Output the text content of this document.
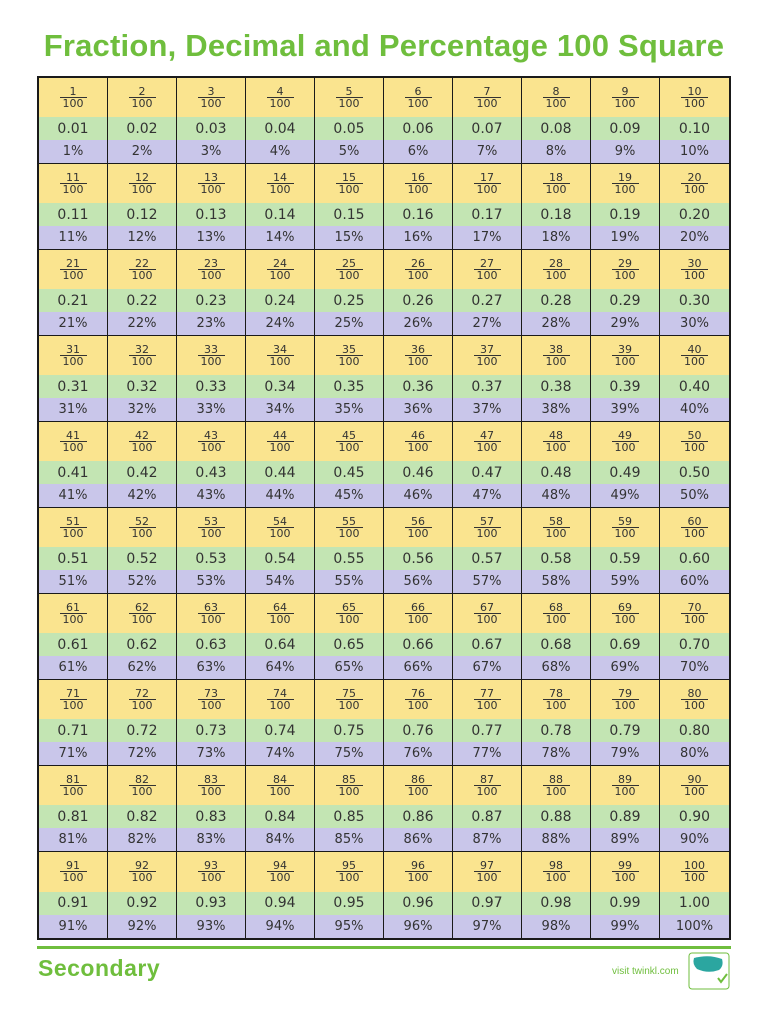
Fraction, Decimal and Percentage 100 Square
$\frac{1}{100}$
0.01
1%
$\frac{2}{100}$
0.02
2%
$\frac{3}{100}$
0.03
3%
$\frac{4}{100}$
0.04
4%
$\frac{5}{100}$
0.05
5%
$\frac{6}{100}$
0.06
6%
$\frac{7}{100}$
0.07
7%
$\frac{8}{100}$
0.08
8%
$\frac{9}{100}$
0.09
9%
$\frac{10}{100}$
0.10
10%
$\frac{11}{100}$
0.11
11%
$\frac{12}{100}$
0.12
12%
$\frac{13}{100}$
0.13
13%
$\frac{14}{100}$
0.14
14%
$\frac{15}{100}$
0.15
15%
$\frac{16}{100}$
0.16
16%
$\frac{17}{100}$
0.17
17%
$\frac{18}{100}$
0.18
18%
$\frac{19}{100}$
0.19
19%
$\frac{20}{100}$
0.20
20%
$\frac{21}{100}$
0.21
21%
$\frac{22}{100}$
0.22
22%
$\frac{23}{100}$
0.23
23%
$\frac{24}{100}$
0.24
24%
$\frac{25}{100}$
0.25
25%
$\frac{26}{100}$
0.26
26%
$\frac{27}{100}$
0.27
27%
$\frac{28}{100}$
0.28
28%
$\frac{29}{100}$
0.29
29%
$\frac{30}{100}$
0.30
30%
$\frac{31}{100}$
0.31
31%
$\frac{32}{100}$
0.32
32%
$\frac{33}{100}$
0.33
33%
$\frac{34}{100}$
0.34
34%
$\frac{35}{100}$
0.35
35%
$\frac{36}{100}$
0.36
36%
$\frac{37}{100}$
0.37
37%
$\frac{38}{100}$
0.38
38%
$\frac{39}{100}$
0.39
39%
$\frac{40}{100}$
0.40
40%
$\frac{41}{100}$
0.41
41%
$\frac{42}{100}$
0.42
42%
$\frac{43}{100}$
0.43
43%
$\frac{44}{100}$
0.44
44%
$\frac{45}{100}$
0.45
45%
$\frac{46}{100}$
0.46
46%
$\frac{47}{100}$
0.47
47%
$\frac{48}{100}$
0.48
48%
$\frac{49}{100}$
0.49
49%
$\frac{50}{100}$
0.50
50%
$\frac{51}{100}$
0.51
51%
$\frac{52}{100}$
0.52
52%
$\frac{53}{100}$
0.53
53%
$\frac{54}{100}$
0.54
54%
$\frac{55}{100}$
0.55
55%
$\frac{56}{100}$
0.56
56%
$\frac{57}{100}$
0.57
57%
$\frac{58}{100}$
0.58
58%
$\frac{59}{100}$
0.59
59%
$\frac{60}{100}$
0.60
60%
$\frac{61}{100}$
0.61
61%
$\frac{62}{100}$
0.62
62%
$\frac{63}{100}$
0.63
63%
$\frac{64}{100}$
0.64
64%
$\frac{65}{100}$
0.65
65%
$\frac{66}{100}$
0.66
66%
$\frac{67}{100}$
0.67
67%
$\frac{68}{100}$
0.68
68%
$\frac{69}{100}$
0.69
69%
$\frac{70}{100}$
0.70
70%
$\frac{71}{100}$
0.71
71%
$\frac{72}{100}$
0.72
72%
$\frac{73}{100}$
0.73
73%
$\frac{74}{100}$
0.74
74%
$\frac{75}{100}$
0.75
75%
$\frac{76}{100}$
0.76
76%
$\frac{77}{100}$
0.77
77%
$\frac{78}{100}$
0.78
78%
$\frac{79}{100}$
0.79
79%
$\frac{80}{100}$
0.80
80%
$\frac{81}{100}$
0.81
81%
$\frac{82}{100}$
0.82
82%
$\frac{83}{100}$
0.83
83%
$\frac{84}{100}$
0.84
84%
$\frac{85}{100}$
0.85
85%
$\frac{86}{100}$
0.86
86%
$\frac{87}{100}$
0.87
87%
$\frac{88}{100}$
0.88
88%
$\frac{89}{100}$
0.89
89%
$\frac{90}{100}$
0.90
90%
$\frac{91}{100}$
0.91
91%
$\frac{92}{100}$
0.92
92%
$\frac{93}{100}$
0.93
93%
$\frac{94}{100}$
0.94
94%
$\frac{95}{100}$
0.95
95%
$\frac{96}{100}$
0.96
96%
$\frac{97}{100}$
0.97
97%
$\frac{98}{100}$
0.98
98%
$\frac{99}{100}$
0.99
99%
$\frac{100}{100}$
1.00
100%
Secondary	visit twinkl.com
